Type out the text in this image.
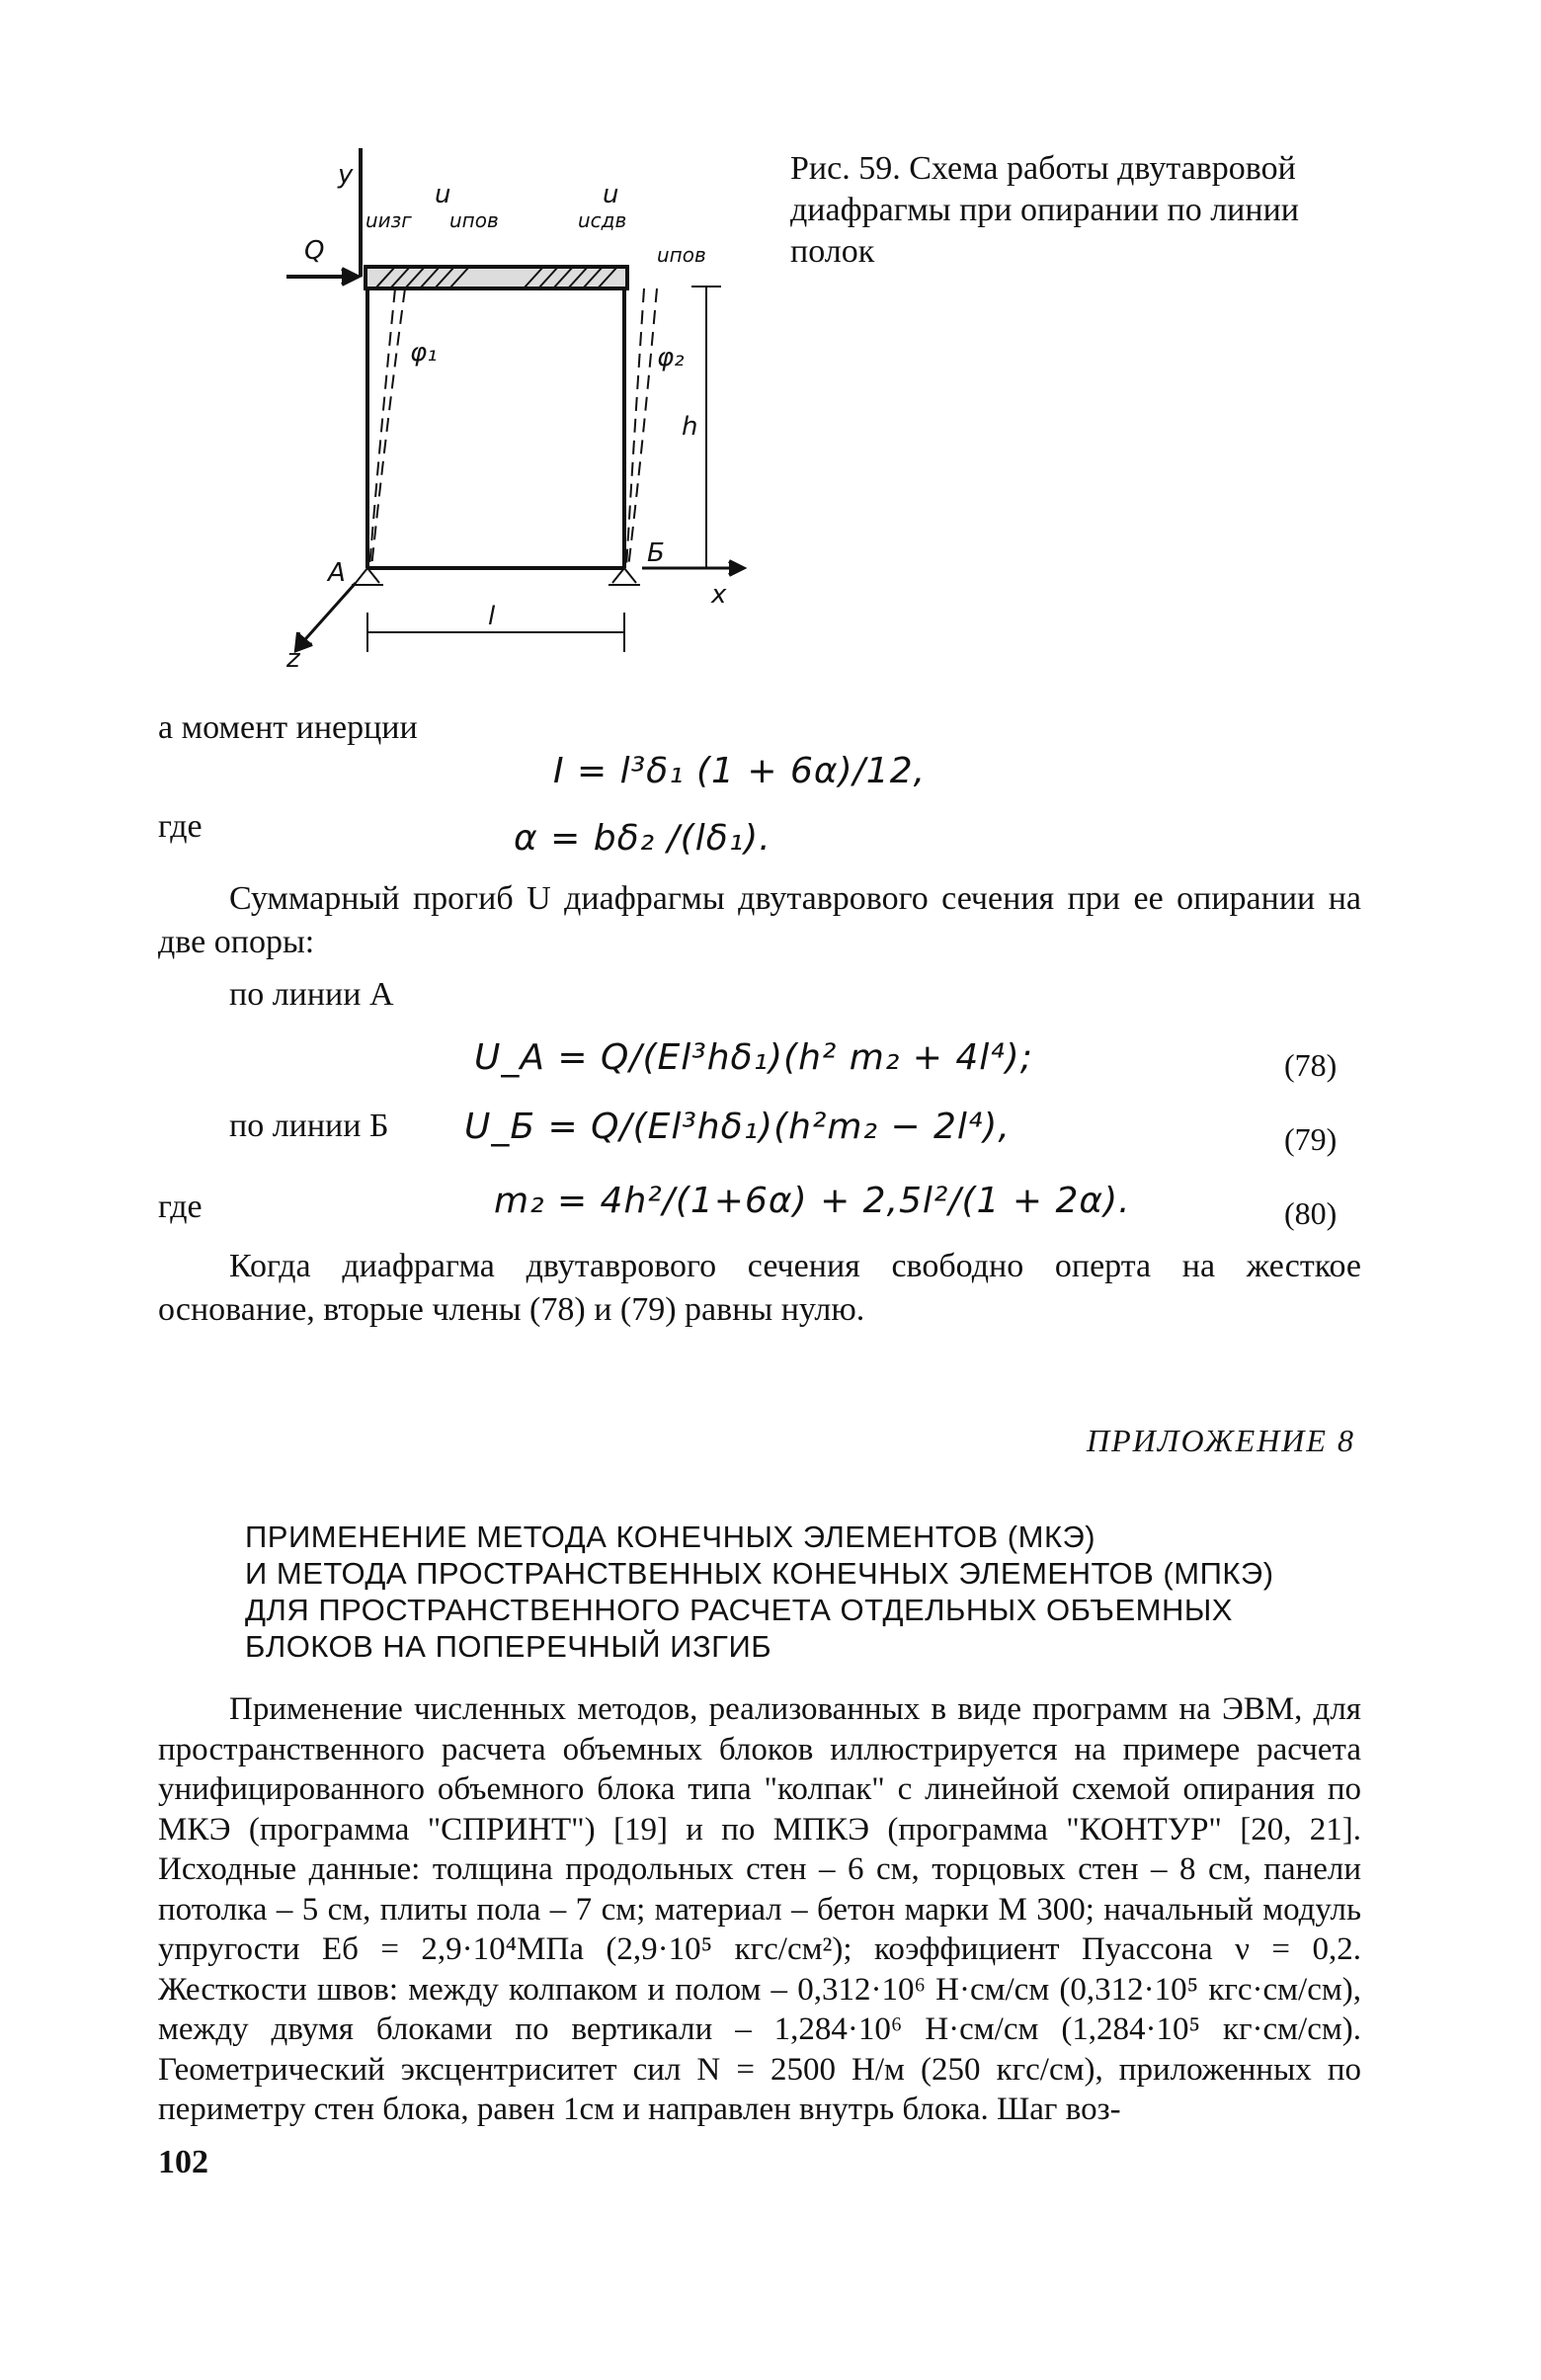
y
Q
u	u
uизг uпов	uсдв
uпов
φ₁	φ₂
h
A
Б
x
z
l
Рис. 59. Схема работы двутавровой диафрагмы при опирании по линии полок
а момент инерции
I = l³δ₁ (1 + 6α)/12,
где	α = bδ₂ /(lδ₁).
Суммарный прогиб U диафрагмы двутаврового сечения при ее опирании на две опоры:
по линии А
U_A = Q/(El³hδ₁)(h² m₂ + 4l⁴);	(78)
по линии Б U_Б = Q/(El³hδ₁)(h²m₂ − 2l⁴),	(79)
где	m₂ = 4h²/(1+6α) + 2,5l²/(1 + 2α).	(80)
Когда диафрагма двутаврового сечения свободно оперта на жесткое основание, вторые члены (78) и (79) равны нулю.
ПРИЛОЖЕНИЕ 8
ПРИМЕНЕНИЕ МЕТОДА КОНЕЧНЫХ ЭЛЕМЕНТОВ (МКЭ)
И МЕТОДА ПРОСТРАНСТВЕННЫХ КОНЕЧНЫХ ЭЛЕМЕНТОВ (МПКЭ)
ДЛЯ ПРОСТРАНСТВЕННОГО РАСЧЕТА ОТДЕЛЬНЫХ ОБЪЕМНЫХ
БЛОКОВ НА ПОПЕРЕЧНЫЙ ИЗГИБ
Применение численных методов, реализованных в виде программ на ЭВМ, для пространственного расчета объемных блоков иллюстрируется на примере расчета унифицированного объемного блока типа "колпак" с линейной схемой опирания по МКЭ (программа "СПРИНТ") [19] и по МПКЭ (программа "КОНТУР" [20, 21]. Исходные данные: толщина продольных стен – 6 см, торцовых стен – 8 см, панели потолка – 5 см, плиты пола – 7 см; материал – бетон марки М 300; начальный модуль упругости Eб = 2,9·10⁴МПа (2,9·10⁵ кгс/см²); коэффициент Пуассона ν = 0,2. Жесткости швов: между колпаком и полом – 0,312·10⁶ Н·см/см (0,312·10⁵ кгс·см/см), между двумя блоками по вертикали – 1,284·10⁶ Н·см/см (1,284·10⁵ кг·см/см). Геометрический эксцентриситет сил N = 2500 Н/м (250 кгс/см), приложенных по периметру стен блока, равен 1см и направлен внутрь блока. Шаг воз-
102
